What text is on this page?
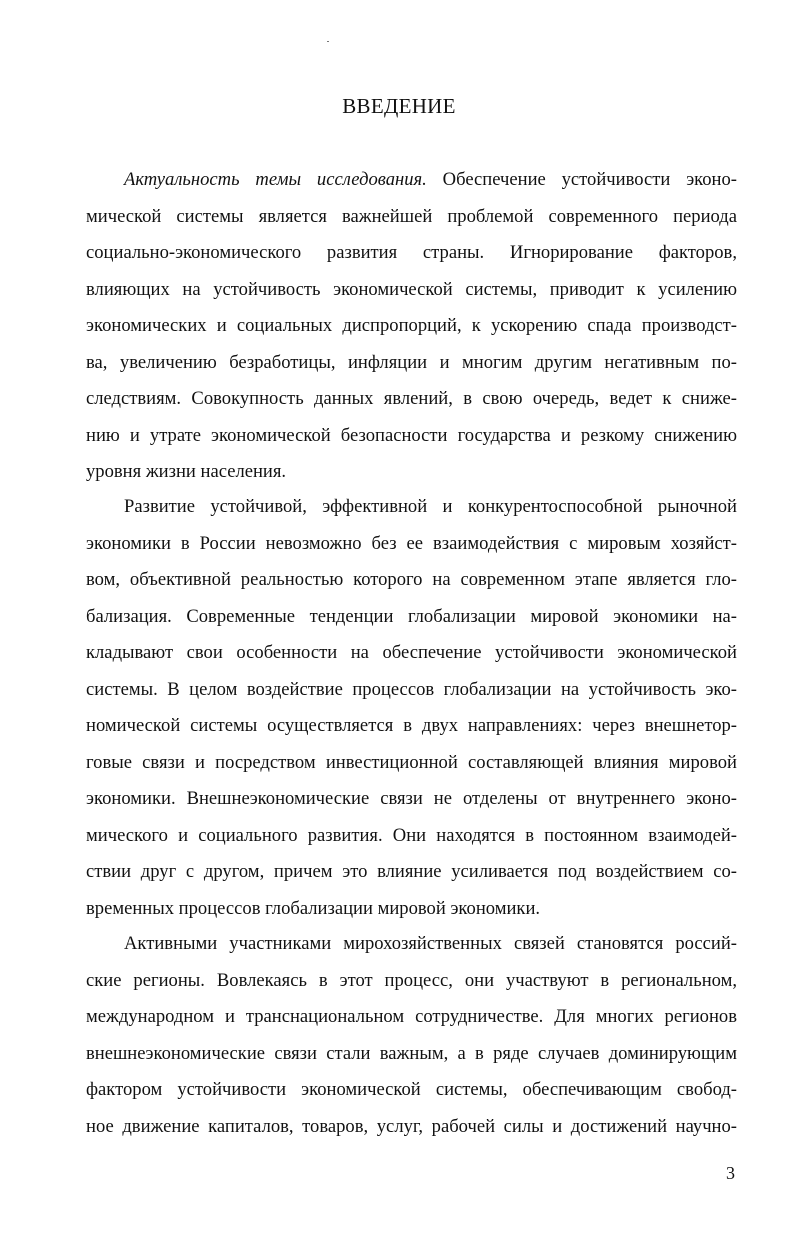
ВВЕДЕНИЕ

Актуальность темы исследования. Обеспечение устойчивости эконо-

мической системы является важнейшей проблемой современного периода

социально-экономического развития страны. Игнорирование факторов,

влияющих на устойчивость экономической системы, приводит к усилению

экономических и социальных диспропорций, к ускорению спада производст-

ва, увеличению безработицы, инфляции и многим другим негативным по-

следствиям. Совокупность данных явлений, в свою очередь, ведет к сниже-

нию и утрате экономической безопасности государства и резкому снижению

уровня жизни населения.

Развитие устойчивой, эффективной и конкурентоспособной рыночной

экономики в России невозможно без ее взаимодействия с мировым хозяйст-

вом, объективной реальностью которого на современном этапе является гло-

бализация. Современные тенденции глобализации мировой экономики на-

кладывают свои особенности на обеспечение устойчивости экономической

системы. В целом воздействие процессов глобализации на устойчивость эко-

номической системы осуществляется в двух направлениях: через внешнетор-

говые связи и посредством инвестиционной составляющей влияния мировой

экономики. Внешнеэкономические связи не отделены от внутреннего эконо-

мического и социального развития. Они находятся в постоянном взаимодей-

ствии друг с другом, причем это влияние усиливается под воздействием со-

временных процессов глобализации мировой экономики.

Активными участниками мирохозяйственных связей становятся россий-

ские регионы. Вовлекаясь в этот процесс, они участвуют в региональном,

международном и транснациональном сотрудничестве. Для многих регионов

внешнеэкономические связи стали важным, а в ряде случаев доминирующим

фактором устойчивости экономической системы, обеспечивающим свобод-

ное движение капиталов, товаров, услуг, рабочей силы и достижений научно-

3
